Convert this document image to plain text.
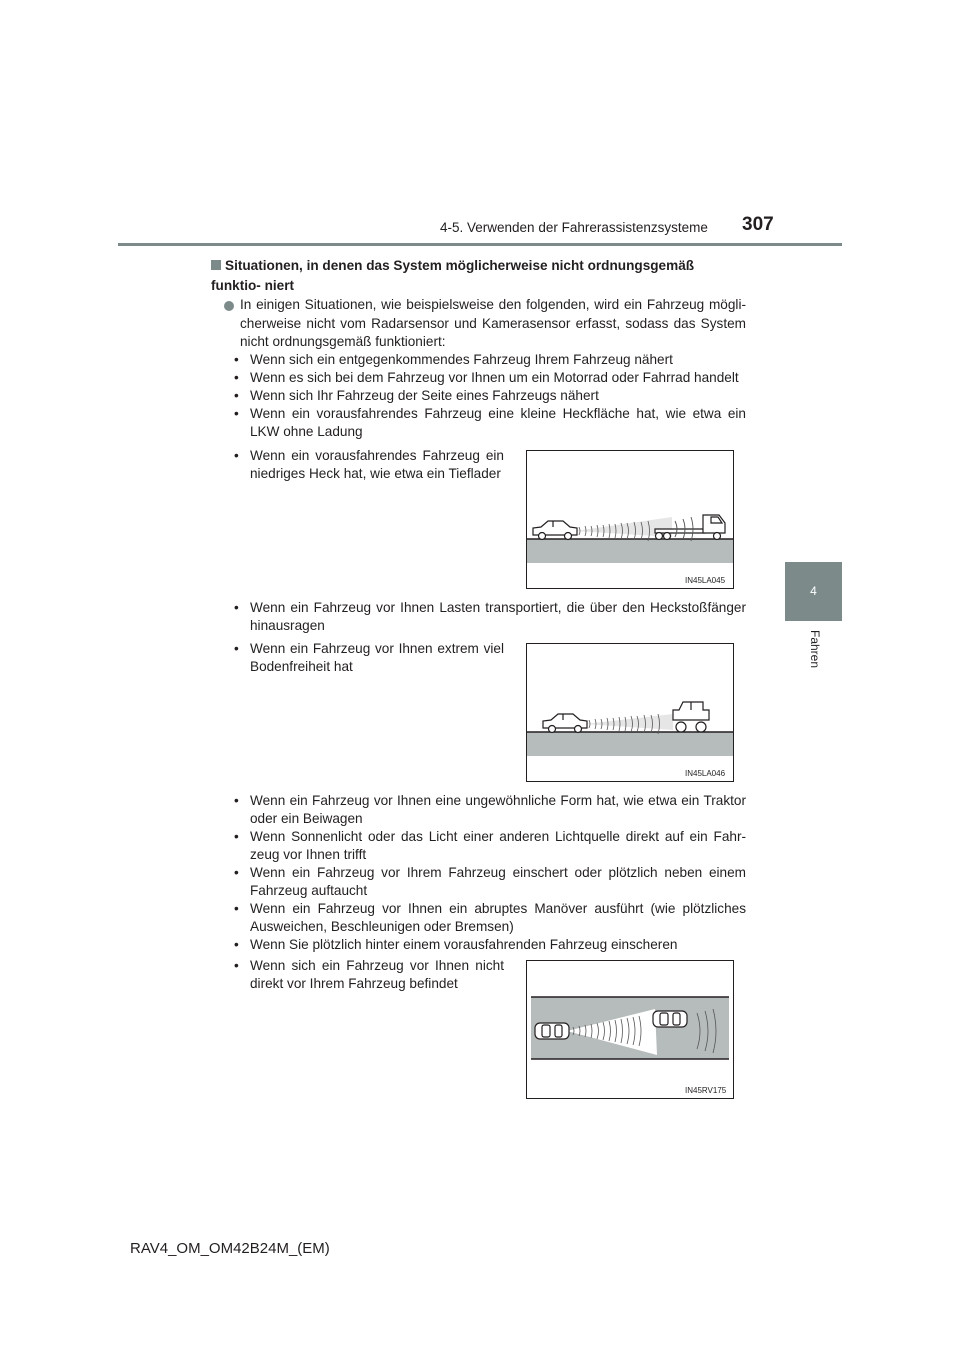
4-5. Verwenden der Fahrerassistenzsysteme 307
4
Fahren
Situationen, in denen das System möglicherweise nicht ordnungsgemäß funktio- niert
In einigen Situationen, wie beispielsweise den folgenden, wird ein Fahrzeug mögli- cherweise nicht vom Radarsensor und Kamerasensor erfasst, sodass das System nicht ordnungsgemäß funktioniert:
• Wenn sich ein entgegenkommendes Fahrzeug Ihrem Fahrzeug nähert
• Wenn es sich bei dem Fahrzeug vor Ihnen um ein Motorrad oder Fahrrad handelt
• Wenn sich Ihr Fahrzeug der Seite eines Fahrzeugs nähert
• Wenn ein vorausfahrendes Fahrzeug eine kleine Heckfläche hat, wie etwa ein LKW ohne Ladung
• Wenn ein vorausfahrendes Fahrzeug ein niedriges Heck hat, wie etwa ein Tieflader
IN45LA045
• Wenn ein Fahrzeug vor Ihnen Lasten transportiert, die über den Heckstoßfänger hinausragen
• Wenn ein Fahrzeug vor Ihnen extrem viel Bodenfreiheit hat
IN45LA046
• Wenn ein Fahrzeug vor Ihnen eine ungewöhnliche Form hat, wie etwa ein Traktor oder ein Beiwagen
• Wenn Sonnenlicht oder das Licht einer anderen Lichtquelle direkt auf ein Fahr- zeug vor Ihnen trifft
• Wenn ein Fahrzeug vor Ihrem Fahrzeug einschert oder plötzlich neben einem Fahrzeug auftaucht
• Wenn ein Fahrzeug vor Ihnen ein abruptes Manöver ausführt (wie plötzliches Ausweichen, Beschleunigen oder Bremsen)
• Wenn Sie plötzlich hinter einem vorausfahrenden Fahrzeug einscheren
• Wenn sich ein Fahrzeug vor Ihnen nicht direkt vor Ihrem Fahrzeug befindet
IN45RV175
RAV4_OM_OM42B24M_(EM)
